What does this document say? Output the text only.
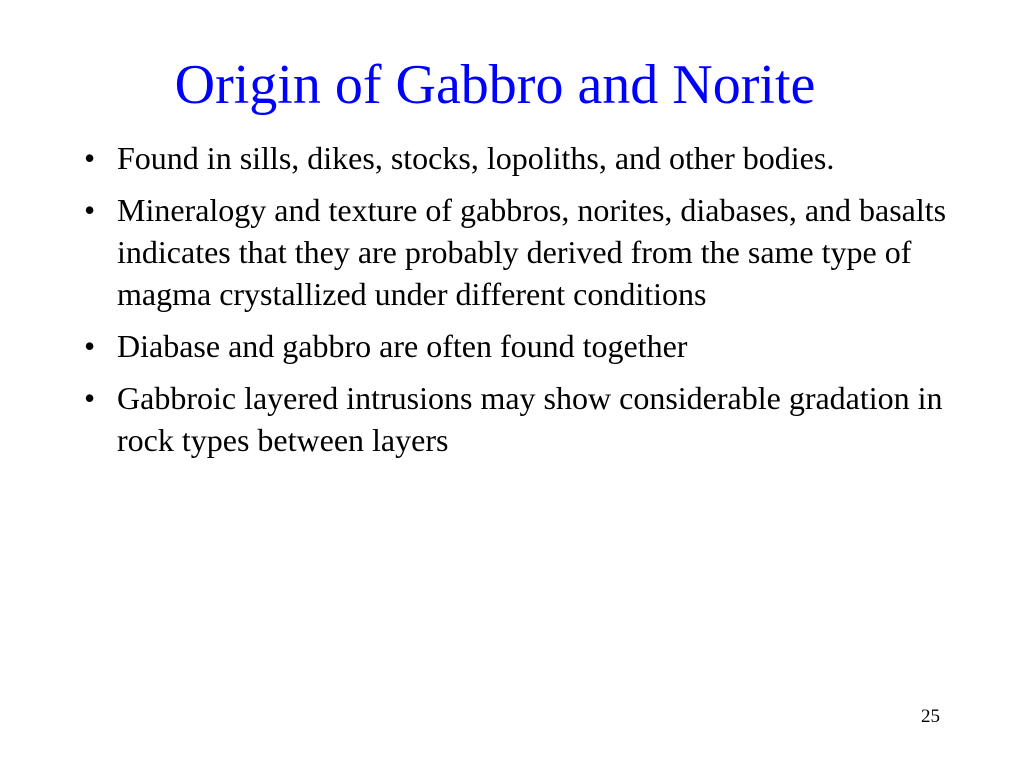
Origin of Gabbro and Norite
• Found in sills, dikes, stocks, lopoliths, and other bodies.
• Mineralogy and texture of gabbros, norites, diabases, and basalts indicates that they are probably derived from the same type of magma crystallized under different conditions
• Diabase and gabbro are often found together
• Gabbroic layered intrusions may show considerable gradation in rock types between layers
25
